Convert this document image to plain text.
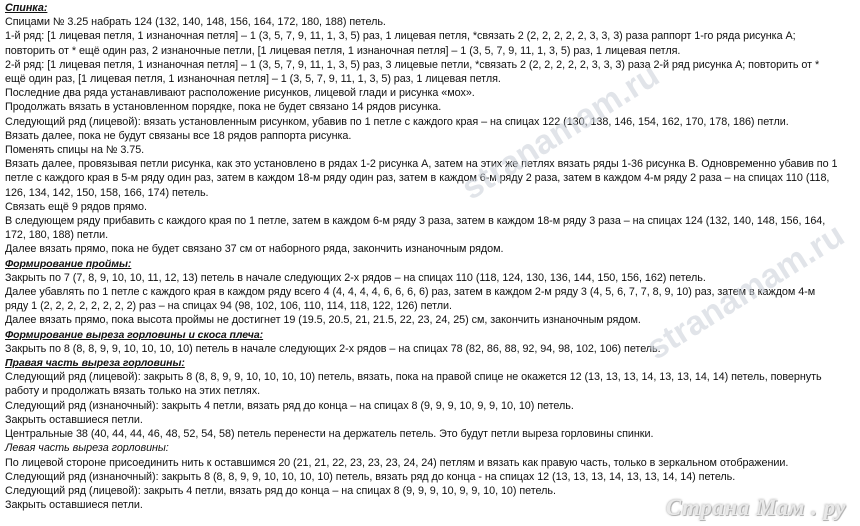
Спинка:

Спицами № 3.25 набрать 124 (132, 140, 148, 156, 164, 172, 180, 188) петель.

1-й ряд: [1 лицевая петля, 1 изнаночная петля] – 1 (3, 5, 7, 9, 11, 1, 3, 5) раз, 1 лицевая петля, *связать 2 (2, 2, 2, 2, 2, 3, 3, 3) раза раппорт 1-го ряда рисунка A;

повторить от * ещё один раз, 2 изнаночные петли, [1 лицевая петля, 1 изнаночная петля] – 1 (3, 5, 7, 9, 11, 1, 3, 5) раз, 1 лицевая петля.

2-й ряд: [1 лицевая петля, 1 изнаночная петля] – 1 (3, 5, 7, 9, 11, 1, 3, 5) раз, 3 лицевые петли, *связать 2 (2, 2, 2, 2, 2, 3, 3, 3) раза 2-й ряд рисунка A; повторить от *

ещё один раз, [1 лицевая петля, 1 изнаночная петля] – 1 (3, 5, 7, 9, 11, 1, 3, 5) раз, 1 лицевая петля.

Последние два ряда устанавливают расположение рисунков, лицевой глади и рисунка «мох».

Продолжать вязать в установленном порядке, пока не будет связано 14 рядов рисунка.

Следующий ряд (лицевой): вязать установленным рисунком, убавив по 1 петле с каждого края – на спицах 122 (130, 138, 146, 154, 162, 170, 178, 186) петли.

Вязать далее, пока не будут связаны все 18 рядов раппорта рисунка.

Поменять спицы на № 3.75.

Вязать далее, провязывая петли рисунка, как это установлено в рядах 1-2 рисунка A, затем на этих же петлях вязать ряды 1-36 рисунка B. Одновременно убавив по 1

петле с каждого края в 5-м ряду один раз, затем в каждом 18-м ряду один раз, затем в каждом 6-м ряду 2 раза, затем в каждом 4-м ряду 2 раза – на спицах 110 (118,

126, 134, 142, 150, 158, 166, 174) петель.

Связать ещё 9 рядов прямо.

В следующем ряду прибавить с каждого края по 1 петле, затем в каждом 6-м ряду 3 раза, затем в каждом 18-м ряду 3 раза – на спицах 124 (132, 140, 148, 156, 164,

172, 180, 188) петли.

Далее вязать прямо, пока не будет связано 37 см от наборного ряда, закончить изнаночным рядом.

Формирование проймы:

Закрыть по 7 (7, 8, 9, 10, 10, 11, 12, 13) петель в начале следующих 2-х рядов – на спицах 110 (118, 124, 130, 136, 144, 150, 156, 162) петель.

Далее убавлять по 1 петле с каждого края в каждом ряду всего 4 (4, 4, 4, 4, 6, 6, 6, 6) раз, затем в каждом 2-м ряду 3 (4, 5, 6, 7, 7, 8, 9, 10) раз, затем в каждом 4-м

ряду 1 (2, 2, 2, 2, 2, 2, 2, 2) раз – на спицах 94 (98, 102, 106, 110, 114, 118, 122, 126) петли.

Далее вязать прямо, пока высота проймы не достигнет 19 (19.5, 20.5, 21, 21.5, 22, 23, 24, 25) см, закончить изнаночным рядом.

Формирование выреза горловины и скоса плеча:

Закрыть по 8 (8, 8, 9, 9, 10, 10, 10, 10) петель в начале следующих 2-х рядов – на спицах 78 (82, 86, 88, 92, 94, 98, 102, 106) петель.

Правая часть выреза горловины:

Следующий ряд (лицевой): закрыть 8 (8, 8, 9, 9, 10, 10, 10, 10) петель, вязать, пока на правой спице не окажется 12 (13, 13, 13, 14, 13, 13, 14, 14) петель, повернуть

работу и продолжать вязать только на этих петлях.

Следующий ряд (изнаночный): закрыть 4 петли, вязать ряд до конца – на спицах 8 (9, 9, 9, 10, 9, 9, 10, 10) петель.

Закрыть оставшиеся петли.

Центральные 38 (40, 44, 44, 46, 48, 52, 54, 58) петель перенести на держатель петель. Это будут петли выреза горловины спинки.

Левая часть выреза горловины:

По лицевой стороне присоединить нить к оставшимся 20 (21, 21, 22, 23, 23, 23, 24, 24) петлям и вязать как правую часть, только в зеркальном отображении.

Следующий ряд (изнаночный): закрыть 8 (8, 8, 9, 9, 10, 10, 10, 10) петель, вязать ряд до конца - на спицах 12 (13, 13, 13, 14, 13, 13, 14, 14) петель.

Следующий ряд (лицевой): закрыть 4 петли, вязать ряд до конца – на спицах 8 (9, 9, 9, 10, 9, 9, 10, 10) петель.

Закрыть оставшиеся петли.

stranamam.ru
stranamam.ru
Страна Мам . ру
